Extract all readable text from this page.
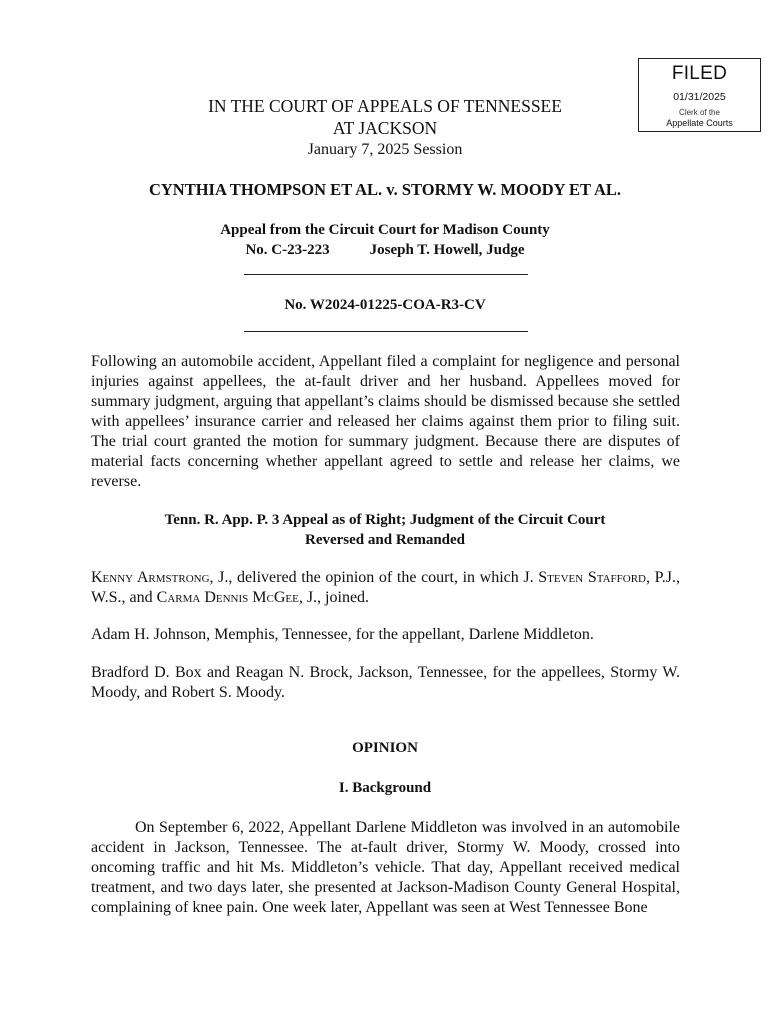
FILED
01/31/2025
Clerk of the
Appellate Courts
IN THE COURT OF APPEALS OF TENNESSEE
AT JACKSON
January 7, 2025 Session
CYNTHIA THOMPSON ET AL. v. STORMY W. MOODY ET AL.
Appeal from the Circuit Court for Madison County
No. C-23-223	Joseph T. Howell, Judge
No. W2024-01225-COA-R3-CV
Following an automobile accident, Appellant filed a complaint for negligence and personal injuries against appellees, the at-fault driver and her husband. Appellees moved for summary judgment, arguing that appellant’s claims should be dismissed because she settled with appellees’ insurance carrier and released her claims against them prior to filing suit. The trial court granted the motion for summary judgment. Because there are disputes of material facts concerning whether appellant agreed to settle and release her claims, we reverse.
Tenn. R. App. P. 3 Appeal as of Right; Judgment of the Circuit Court
Reversed and Remanded
Kenny Armstrong, J., delivered the opinion of the court, in which J. Steven Stafford, P.J., W.S., and Carma Dennis McGee, J., joined.
Adam H. Johnson, Memphis, Tennessee, for the appellant, Darlene Middleton.
Bradford D. Box and Reagan N. Brock, Jackson, Tennessee, for the appellees, Stormy W. Moody, and Robert S. Moody.
OPINION
I. Background
On September 6, 2022, Appellant Darlene Middleton was involved in an automobile accident in Jackson, Tennessee. The at-fault driver, Stormy W. Moody, crossed into oncoming traffic and hit Ms. Middleton’s vehicle. That day, Appellant received medical treatment, and two days later, she presented at Jackson-Madison County General Hospital, complaining of knee pain. One week later, Appellant was seen at West Tennessee Bone
